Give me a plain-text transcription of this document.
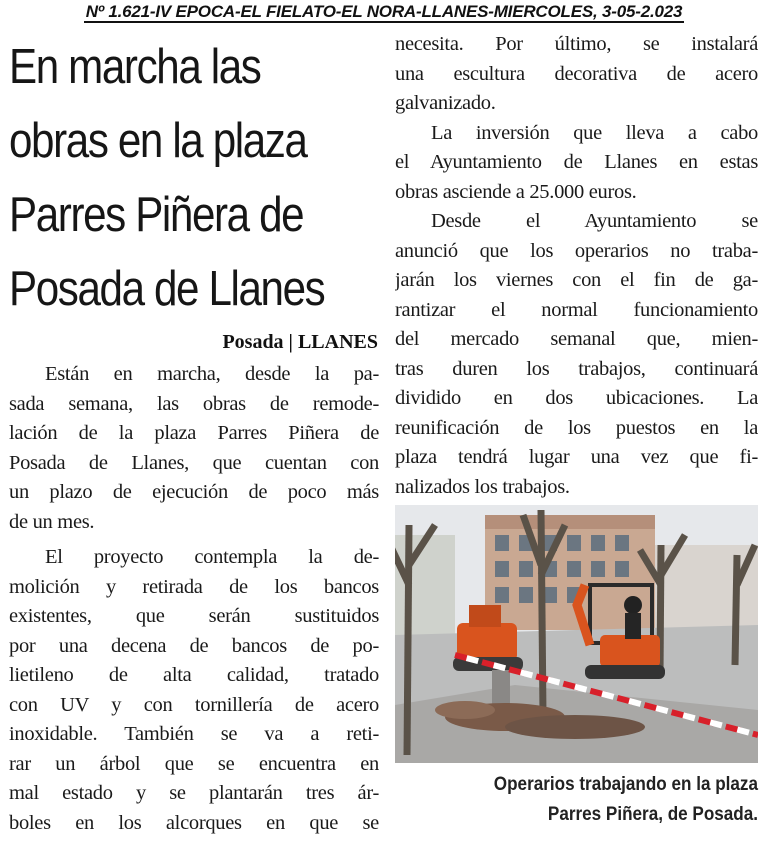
Nº 1.621-IV EPOCA-EL FIELATO-EL NORA-LLANES-MIERCOLES, 3-05-2.023
En marcha las
obras en la plaza
Parres Piñera de
Posada de Llanes
Posada | LLANES

Están en marcha, desde la pa-
sada semana, las obras de remode-
lación de la plaza Parres Piñera de
Posada de Llanes, que cuentan con
un plazo de ejecución de poco más
de un mes.

El proyecto contempla la de-
molición y retirada de los bancos
existentes, que serán sustituidos
por una decena de bancos de po-
lietileno de alta calidad, tratado
con UV y con tornillería de acero
inoxidable. También se va a reti-
rar un árbol que se encuentra en
mal estado y se plantarán tres ár-
boles en los alcorques en que se

necesita. Por último, se instalará
una escultura decorativa de acero
galvanizado.

La inversión que lleva a cabo
el Ayuntamiento de Llanes en estas
obras asciende a 25.000 euros.

Desde el Ayuntamiento se
anunció que los operarios no traba-
jarán los viernes con el fin de ga-
rantizar el normal funcionamiento
del mercado semanal que, mien-
tras duren los trabajos, continuará
dividido en dos ubicaciones. La
reunificación de los puestos en la
plaza tendrá lugar una vez que fi-
nalizados los trabajos.

Operarios trabajando en la plaza
Parres Piñera, de Posada.
